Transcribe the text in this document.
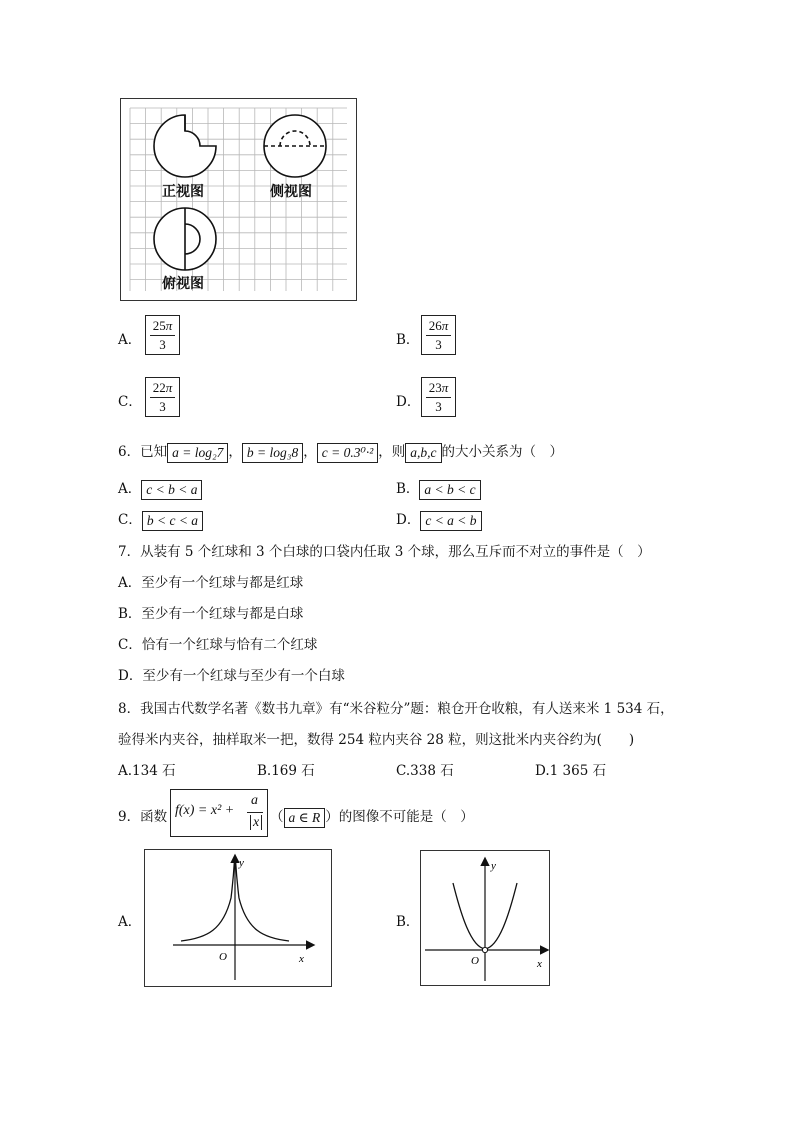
正视图	侧视图
俯视图
A．
25π
3	B．
26π
3
C．
22π
3	D．
23π
3
6．已知 a = log₂7 ， b = log₃8 ， c = 0.3⁰·² ，则 a,b,c 的大小关系为（　）
A． c < b < a	B． a < b < c
C． b < c < a	D． c < a < b
7．从装有 5 个红球和 3 个白球的口袋内任取 3 个球，那么互斥而不对立的事件是（　）
A．至少有一个红球与都是红球
B．至少有一个红球与都是白球
C．恰有一个红球与恰有二个红球
D．至少有一个红球与至少有一个白球
8．我国古代数学名著《数书九章》有“米谷粒分”题：粮仓开仓收粮，有人送来米 1 534 石，
验得米内夹谷，抽样取米一把，数得 254 粒内夹谷 28 粒，则这批米内夹谷约为(　　)
A.134 石	B.169 石	C.338 石	D.1 365 石
9．函数 f(x) = x² +
a
x （ a ∈ R ）的图像不可能是（　）
A．
y
x
O
B．
y
x
O
